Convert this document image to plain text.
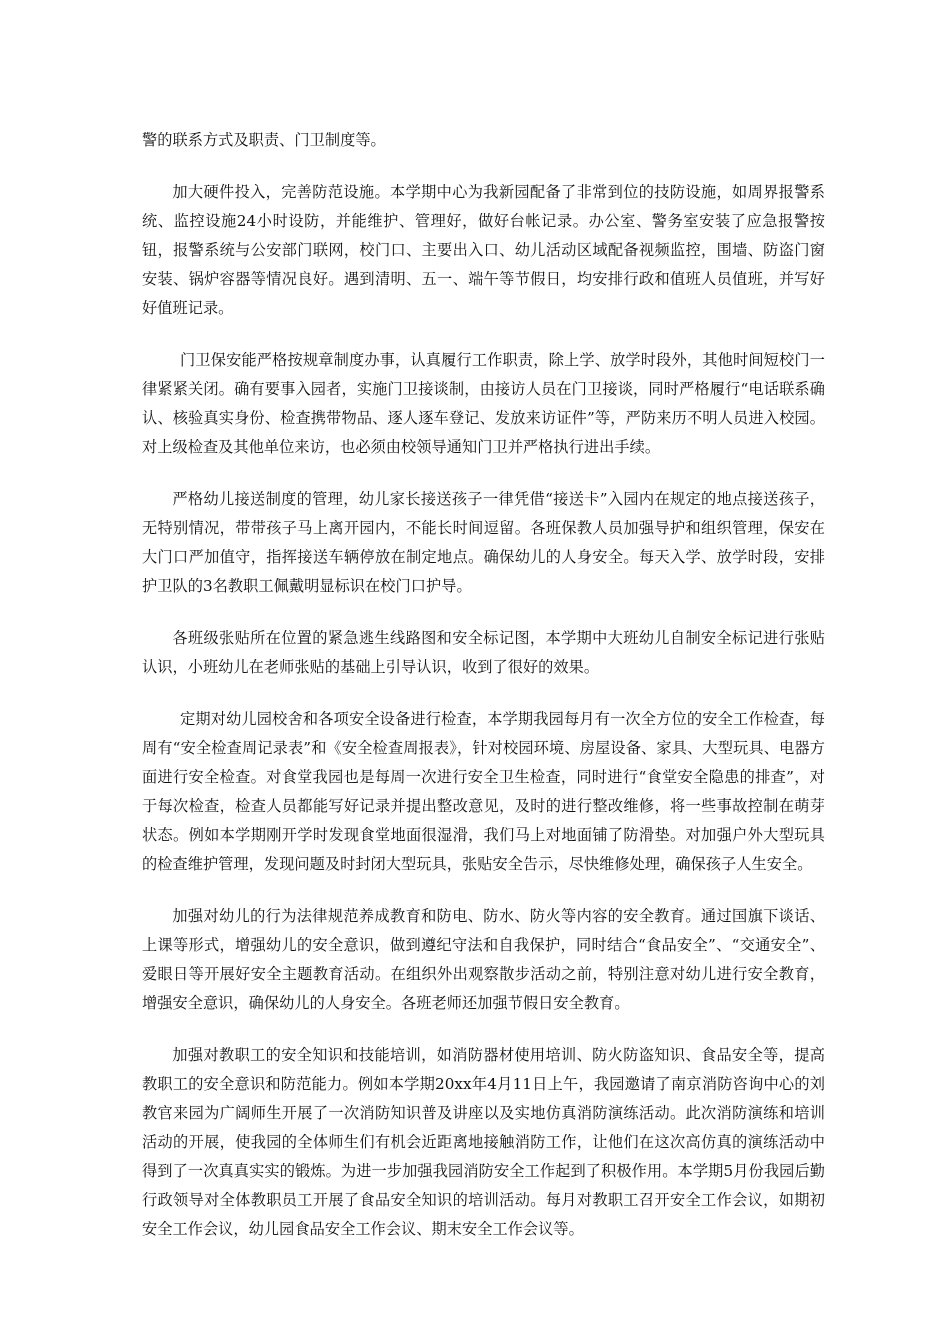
警的联系方式及职责、门卫制度等。

加大硬件投入，完善防范设施。本学期中心为我新园配备了非常到位的技防设施，如周界报警系统、监控设施24小时设防，并能维护、管理好，做好台帐记录。办公室、警务室安装了应急报警按钮，报警系统与公安部门联网，校门口、主要出入口、幼儿活动区域配备视频监控，围墙、防盗门窗安装、锅炉容器等情况良好。遇到清明、五一、端午等节假日，均安排行政和值班人员值班，并写好好值班记录。

门卫保安能严格按规章制度办事，认真履行工作职责，除上学、放学时段外，其他时间短校门一律紧紧关闭。确有要事入园者，实施门卫接谈制，由接访人员在门卫接谈，同时严格履行“电话联系确认、核验真实身份、检查携带物品、逐人逐车登记、发放来访证件”等，严防来历不明人员进入校园。对上级检查及其他单位来访，也必须由校领导通知门卫并严格执行进出手续。

严格幼儿接送制度的管理，幼儿家长接送孩子一律凭借“接送卡”入园内在规定的地点接送孩子，无特别情况，带带孩子马上离开园内，不能长时间逗留。各班保教人员加强导护和组织管理，保安在大门口严加值守，指挥接送车辆停放在制定地点。确保幼儿的人身安全。每天入学、放学时段，安排护卫队的3名教职工佩戴明显标识在校门口护导。

各班级张贴所在位置的紧急逃生线路图和安全标记图，本学期中大班幼儿自制安全标记进行张贴认识，小班幼儿在老师张贴的基础上引导认识，收到了很好的效果。

定期对幼儿园校舍和各项安全设备进行检查，本学期我园每月有一次全方位的安全工作检查，每周有“安全检查周记录表”和《安全检查周报表》，针对校园环境、房屋设备、家具、大型玩具、电器方面进行安全检查。对食堂我园也是每周一次进行安全卫生检查，同时进行“食堂安全隐患的排查”，对于每次检查，检查人员都能写好记录并提出整改意见，及时的进行整改维修，将一些事故控制在萌芽状态。例如本学期刚开学时发现食堂地面很湿滑，我们马上对地面铺了防滑垫。对加强户外大型玩具的检查维护管理，发现问题及时封闭大型玩具，张贴安全告示，尽快维修处理，确保孩子人生安全。

加强对幼儿的行为法律规范养成教育和防电、防水、防火等内容的安全教育。通过国旗下谈话、上课等形式，增强幼儿的安全意识，做到遵纪守法和自我保护，同时结合“食品安全”、“交通安全”、爱眼日等开展好安全主题教育活动。在组织外出观察散步活动之前，特别注意对幼儿进行安全教育，增强安全意识，确保幼儿的人身安全。各班老师还加强节假日安全教育。

加强对教职工的安全知识和技能培训，如消防器材使用培训、防火防盗知识、食品安全等，提高教职工的安全意识和防范能力。例如本学期20xx年4月11日上午，我园邀请了南京消防咨询中心的刘教官来园为广阔师生开展了一次消防知识普及讲座以及实地仿真消防演练活动。此次消防演练和培训活动的开展，使我园的全体师生们有机会近距离地接触消防工作，让他们在这次高仿真的演练活动中得到了一次真真实实的锻炼。为进一步加强我园消防安全工作起到了积极作用。本学期5月份我园后勤行政领导对全体教职员工开展了食品安全知识的培训活动。每月对教职工召开安全工作会议，如期初安全工作会议，幼儿园食品安全工作会议、期末安全工作会议等。
